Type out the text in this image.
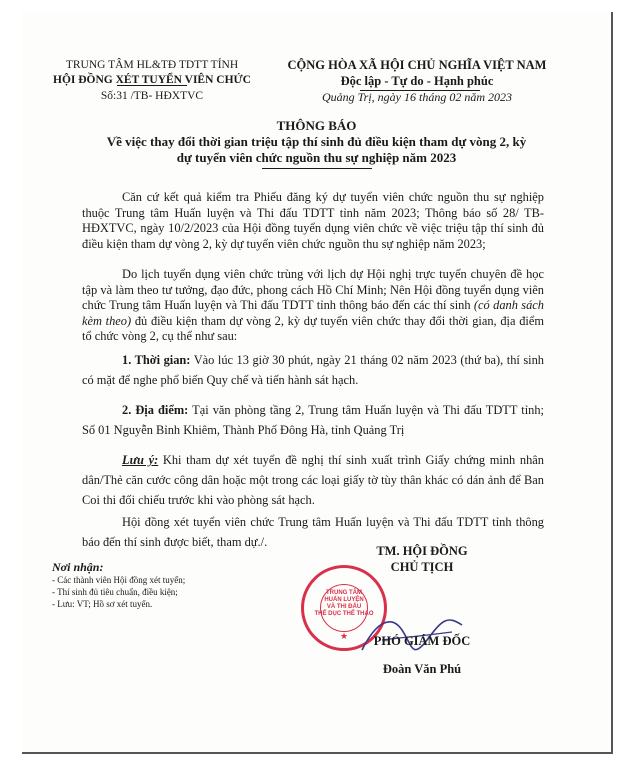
TRUNG TÂM HL&TĐ TDTT TỈNH
HỘI ĐỒNG XÉT TUYỂN VIÊN CHỨC
Số:31 /TB- HĐXTVC
CỘNG HÒA XÃ HỘI CHỦ NGHĨA VIỆT NAM
Độc lập - Tự do - Hạnh phúc
Quảng Trị, ngày 16 tháng 02 năm 2023
THÔNG BÁO
Về việc thay đổi thời gian triệu tập thí sinh đủ điều kiện tham dự vòng 2, kỳ
dự tuyển viên chức nguồn thu sự nghiệp năm 2023
Căn cứ kết quả kiểm tra Phiếu đăng ký dự tuyển viên chức nguồn thu sự nghiệp thuộc Trung tâm Huấn luyện và Thi đấu TDTT tỉnh năm 2023; Thông báo số 28/ TB- HĐXTVC, ngày 10/2/2023 của Hội đồng tuyển dụng viên chức về việc triệu tập thí sinh đủ điều kiện tham dự vòng 2, kỳ dự tuyển viên chức nguồn thu sự nghiệp năm 2023;
Do lịch tuyển dụng viên chức trùng với lịch dự Hội nghị trực tuyến chuyên đề học tập và làm theo tư tưởng, đạo đức, phong cách Hồ Chí Minh; Nên Hội đồng tuyển dụng viên chức Trung tâm Huấn luyện và Thi đấu TDTT tỉnh thông báo đến các thí sinh (có danh sách kèm theo) đủ điều kiện tham dự vòng 2, kỳ dự tuyển viên chức thay đổi thời gian, địa điểm tổ chức vòng 2, cụ thể như sau:
1. Thời gian: Vào lúc 13 giờ 30 phút, ngày 21 tháng 02 năm 2023 (thứ ba), thí sinh có mặt để nghe phổ biến Quy chế và tiến hành sát hạch.
2. Địa điểm: Tại văn phòng tầng 2, Trung tâm Huấn luyện và Thi đấu TDTT tỉnh; Số 01 Nguyễn Bỉnh Khiêm, Thành Phố Đông Hà, tỉnh Quảng Trị
Lưu ý: Khi tham dự xét tuyển đề nghị thí sinh xuất trình Giấy chứng minh nhân dân/Thẻ căn cước công dân hoặc một trong các loại giấy tờ tùy thân khác có dán ảnh để Ban Coi thi đối chiếu trước khi vào phòng sát hạch.
Hội đồng xét tuyển viên chức Trung tâm Huấn luyện và Thi đấu TDTT tỉnh thông báo đến thí sinh được biết, tham dự./.
Nơi nhận:
- Các thành viên Hội đồng xét tuyển;
- Thí sinh đủ tiêu chuẩn, điều kiện;
- Lưu: VT; Hồ sơ xét tuyển.
TM. HỘI ĐỒNG
CHỦ TỊCH
TRUNG TÂM
HUẤN LUYỆN
VÀ THI ĐẤU
THỂ DỤC THỂ THAO
★	PHÓ GIÁM ĐỐC
Đoàn Văn Phú
